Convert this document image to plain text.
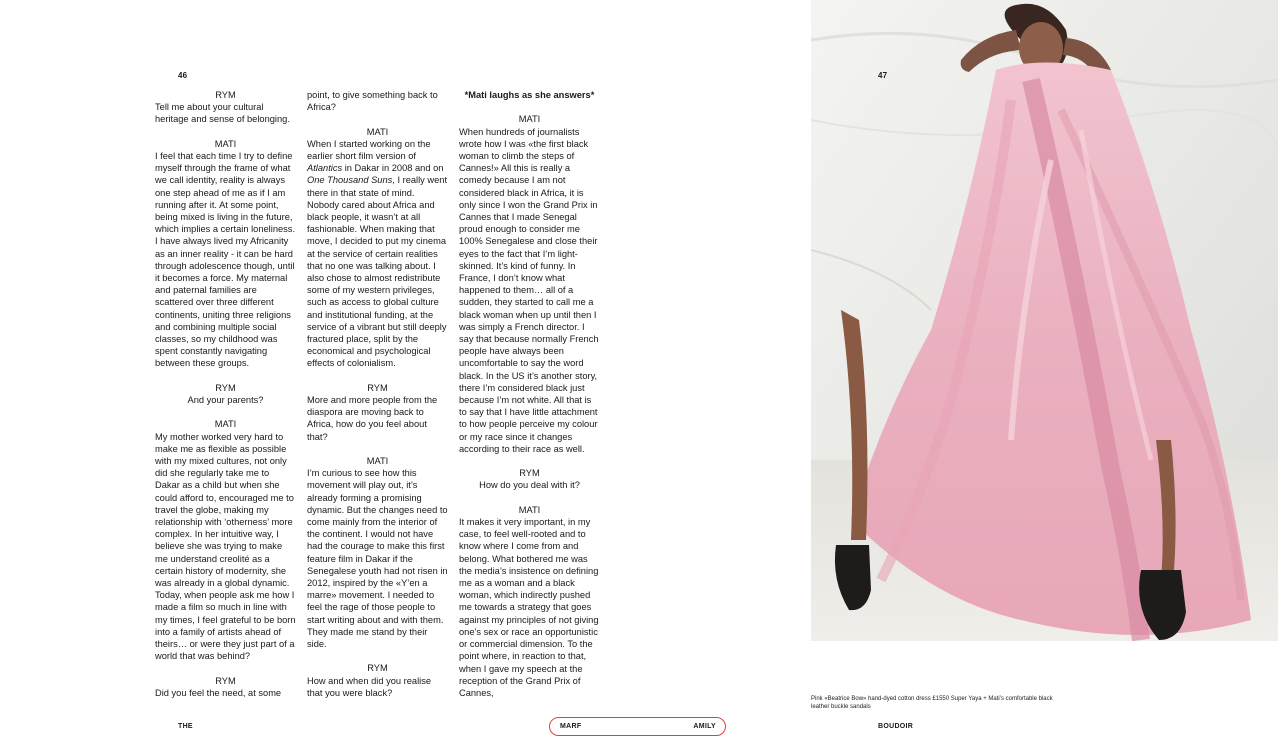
46
RYM

Tell me about your cultural heritage and sense of belonging.

MATI

I feel that each time I try to define myself through the frame of what we call identity, reality is always one step ahead of me as if I am running after it. At some point, being mixed is living in the future, which implies a certain loneliness. I have always lived my Africanity as an inner reality - it can be hard through adolescence though, until it becomes a force. My maternal and paternal families are scattered over three different continents, uniting three religions and combining multiple social classes, so my childhood was spent constantly navigating between these groups.

RYM

And your parents?

MATI

My mother worked very hard to make me as flexible as possible with my mixed cultures, not only did she regularly take me to Dakar as a child but when she could afford to, encouraged me to travel the globe, making my relationship with ‘otherness’ more complex. In her intuitive way, I believe she was trying to make me understand creolité as a certain history of modernity, she was already in a global dynamic. Today, when people ask me how I made a film so much in line with my times, I feel grateful to be born into a family of artists ahead of theirs… or were they just part of a world that was behind?

RYM

Did you feel the need, at some

point, to give something back to Africa?

MATI

When I started working on the earlier short film version of Atlantics in Dakar in 2008 and on One Thousand Suns, I really went there in that state of mind. Nobody cared about Africa and black people, it wasn’t at all fashionable. When making that move, I decided to put my cinema at the service of certain realities that no one was talking about. I also chose to almost redistribute some of my western privileges, such as access to global culture and institutional funding, at the service of a vibrant but still deeply fractured place, split by the economical and psychological effects of colonialism.

RYM

More and more people from the diaspora are moving back to Africa, how do you feel about that?

MATI

I’m curious to see how this movement will play out, it’s already forming a promising dynamic. But the changes need to come mainly from the interior of the continent. I would not have had the courage to make this first feature film in Dakar if the Senegalese youth had not risen in 2012, inspired by the «Y’en a marre» movement. I needed to feel the rage of those people to start writing about and with them. They made me stand by their side.

RYM

How and when did you realise that you were black?

*Mati laughs as she answers*

MATI

When hundreds of journalists wrote how I was «the first black woman to climb the steps of Cannes!» All this is really a comedy because I am not considered black in Africa, it is only since I won the Grand Prix in Cannes that I made Senegal proud enough to consider me 100% Senegalese and close their eyes to the fact that I’m light-skinned. It’s kind of funny. In France, I don’t know what happened to them… all of a sudden, they started to call me a black woman when up until then I was simply a French director. I say that because normally French people have always been uncomfortable to say the word black. In the US it’s another story, there I’m considered black just because I’m not white. All that is to say that I have little attachment to how people perceive my colour or my race since it changes according to their race as well.

RYM

How do you deal with it?

MATI

It makes it very important, in my case, to feel well-rooted and to know where I come from and belong. What bothered me was the media’s insistence on defining me as a woman and a black woman, which indirectly pushed me towards a strategy that goes against my principles of not giving one’s sex or race an opportunistic or commercial dimension. To the point where, in reaction to that, when I gave my speech at the reception of the Grand Prix of Cannes,

THE	MARF	AMILY
47
Pink «Beatrice Bow» hand-dyed cotton dress £1550 Super Yaya + Mati’s comfortable black leather buckle sandals
BOUDOIR
